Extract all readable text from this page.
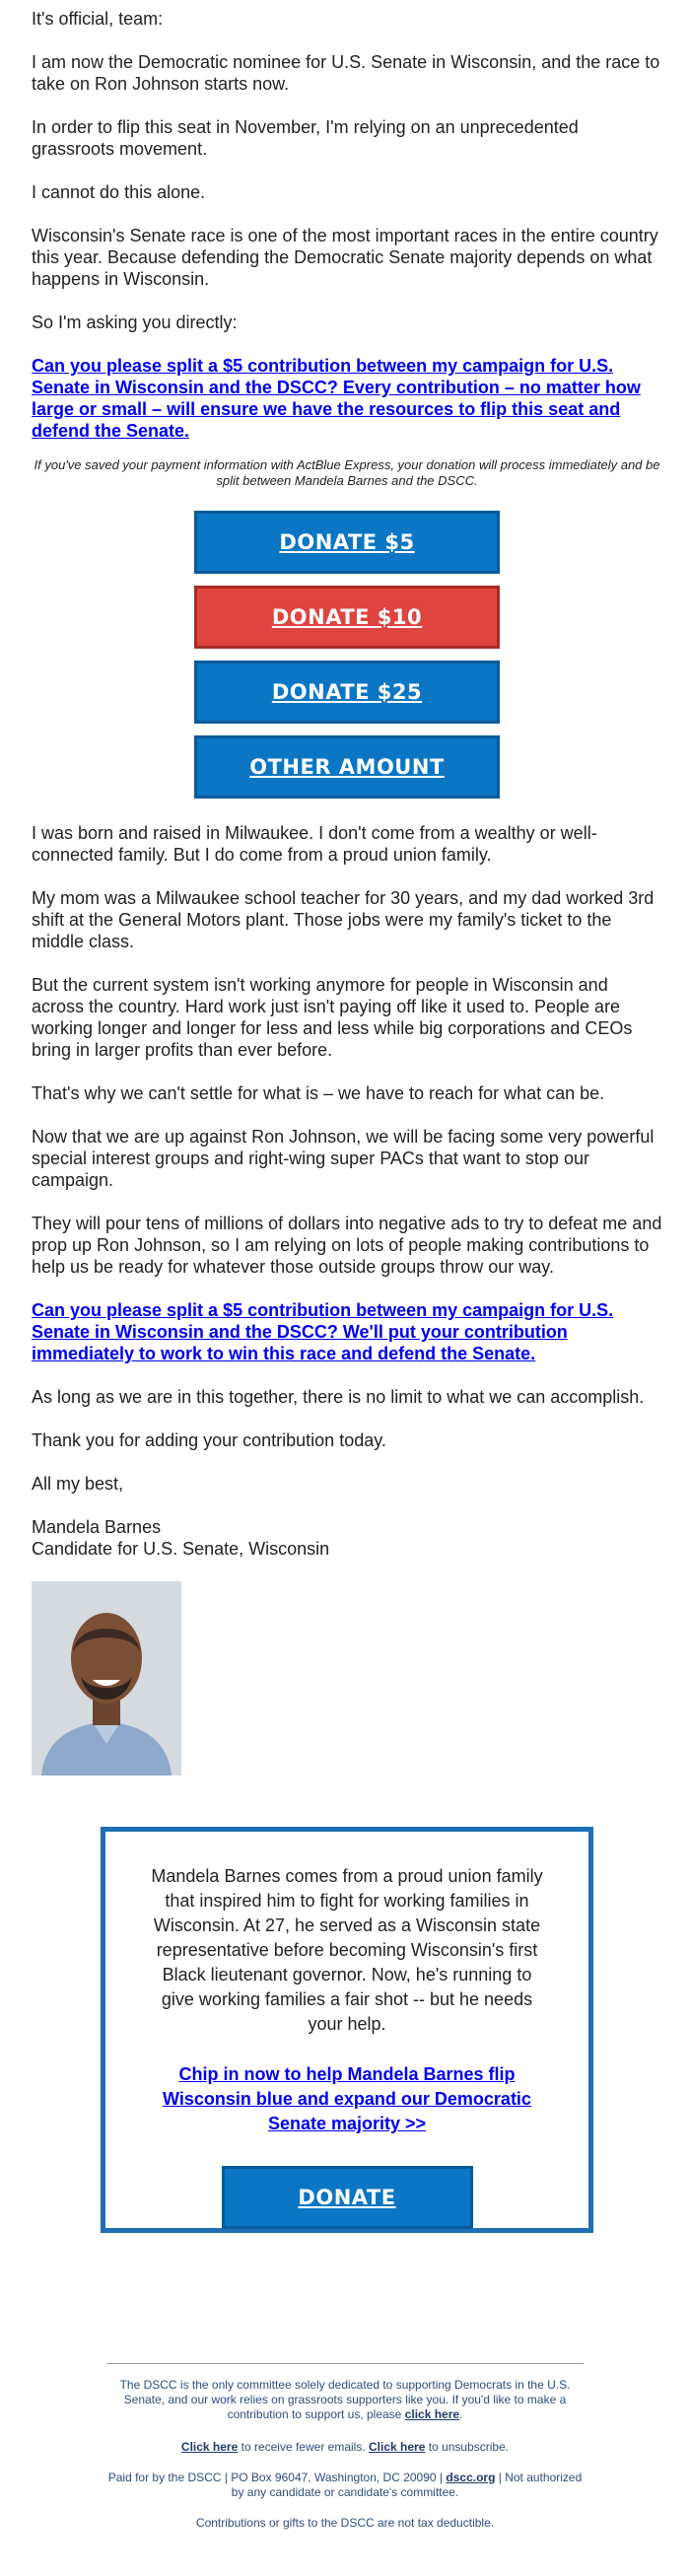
It's official, team:

I am now the Democratic nominee for U.S. Senate in Wisconsin, and the race to take on Ron Johnson starts now.

In order to flip this seat in November, I'm relying on an unprecedented grassroots movement.

I cannot do this alone.

Wisconsin's Senate race is one of the most important races in the entire country this year. Because defending the Democratic Senate majority depends on what happens in Wisconsin.

So I'm asking you directly:

Can you please split a $5 contribution between my campaign for U.S. Senate in Wisconsin and the DSCC? Every contribution – no matter how large or small – will ensure we have the resources to flip this seat and defend the Senate.

If you've saved your payment information with ActBlue Express, your donation will process immediately and be split between Mandela Barnes and the DSCC.

DONATE $5
DONATE $10
DONATE $25
OTHER AMOUNT

I was born and raised in Milwaukee. I don't come from a wealthy or well-connected family. But I do come from a proud union family.

My mom was a Milwaukee school teacher for 30 years, and my dad worked 3rd shift at the General Motors plant. Those jobs were my family's ticket to the middle class.

But the current system isn't working anymore for people in Wisconsin and across the country. Hard work just isn't paying off like it used to. People are working longer and longer for less and less while big corporations and CEOs bring in larger profits than ever before.

That's why we can't settle for what is – we have to reach for what can be.

Now that we are up against Ron Johnson, we will be facing some very powerful special interest groups and right-wing super PACs that want to stop our campaign.

They will pour tens of millions of dollars into negative ads to try to defeat me and prop up Ron Johnson, so I am relying on lots of people making contributions to help us be ready for whatever those outside groups throw our way.

Can you please split a $5 contribution between my campaign for U.S. Senate in Wisconsin and the DSCC? We'll put your contribution immediately to work to win this race and defend the Senate.

As long as we are in this together, there is no limit to what we can accomplish.

Thank you for adding your contribution today.

All my best,

Mandela Barnes

Candidate for U.S. Senate, Wisconsin

Mandela Barnes comes from a proud union family that inspired him to fight for working families in Wisconsin. At 27, he served as a Wisconsin state representative before becoming Wisconsin's first Black lieutenant governor. Now, he's running to give working families a fair shot -- but he needs your help.

Chip in now to help Mandela Barnes flip Wisconsin blue and expand our Democratic Senate majority >>
DONATE

The DSCC is the only committee solely dedicated to supporting Democrats in the U.S. Senate, and our work relies on grassroots supporters like you. If you'd like to make a contribution to support us, please click here.

Click here to receive fewer emails. Click here to unsubscribe.

Paid for by the DSCC | PO Box 96047, Washington, DC 20090 | dscc.org | Not authorized by any candidate or candidate's committee.

Contributions or gifts to the DSCC are not tax deductible.
